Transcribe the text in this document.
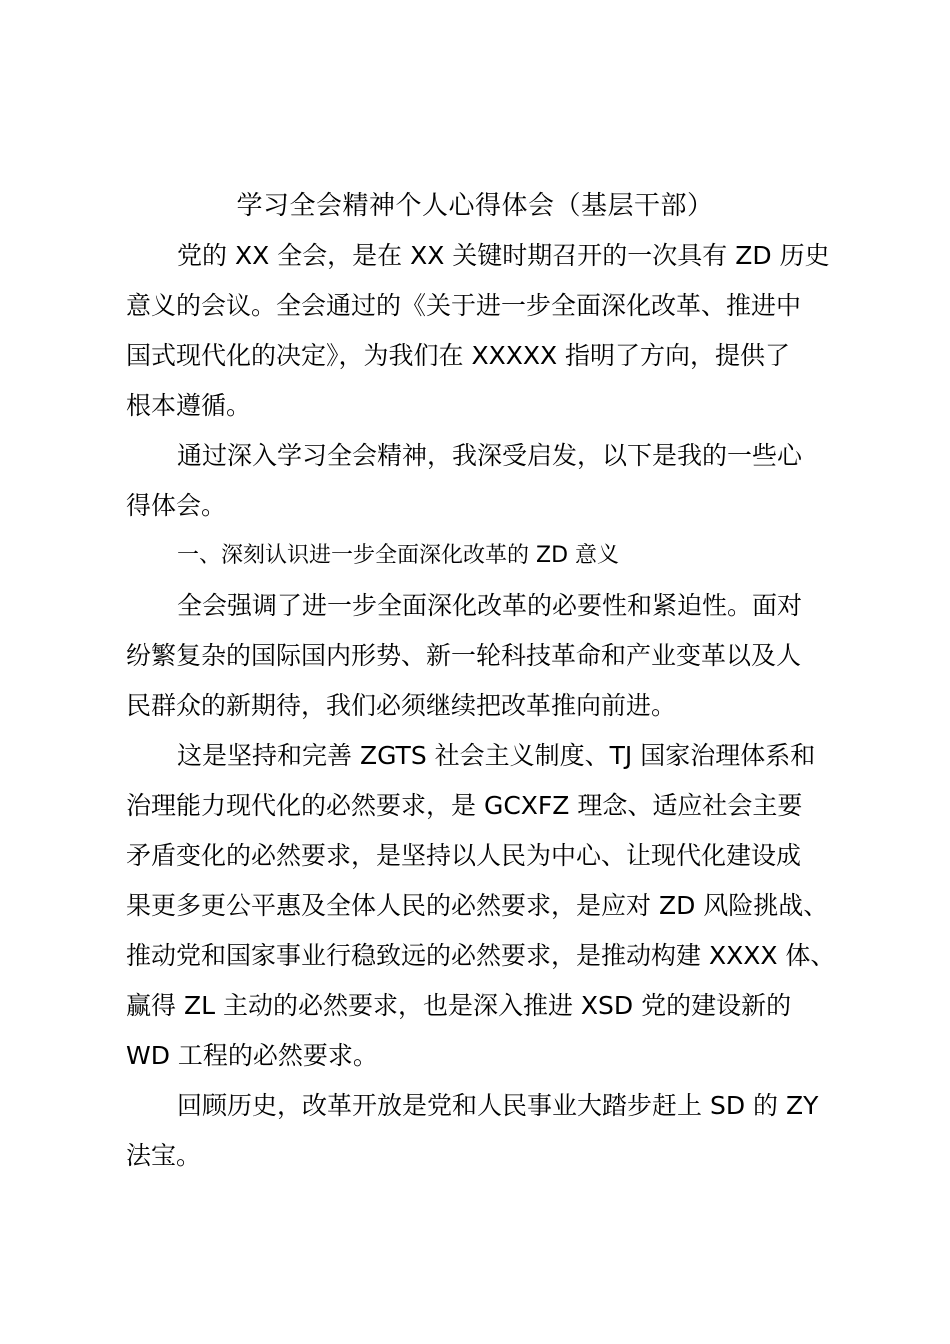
学习全会精神个人心得体会（基层干部）
党的 XX 全会，是在 XX 关键时期召开的一次具有 ZD 历史
意义的会议。全会通过的《关于进一步全面深化改革、推进中
国式现代化的决定》，为我们在 XXXXX 指明了方向，提供了
根本遵循。
通过深入学习全会精神，我深受启发，以下是我的一些心
得体会。
一、深刻认识进一步全面深化改革的 ZD 意义
全会强调了进一步全面深化改革的必要性和紧迫性。面对
纷繁复杂的国际国内形势、新一轮科技革命和产业变革以及人
民群众的新期待，我们必须继续把改革推向前进。
这是坚持和完善 ZGTS 社会主义制度、TJ 国家治理体系和
治理能力现代化的必然要求，是 GCXFZ 理念、适应社会主要
矛盾变化的必然要求，是坚持以人民为中心、让现代化建设成
果更多更公平惠及全体人民的必然要求，是应对 ZD 风险挑战、
推动党和国家事业行稳致远的必然要求，是推动构建 XXXX 体、
赢得 ZL 主动的必然要求，也是深入推进 XSD 党的建设新的
WD 工程的必然要求。
回顾历史，改革开放是党和人民事业大踏步赶上 SD 的 ZY
法宝。
